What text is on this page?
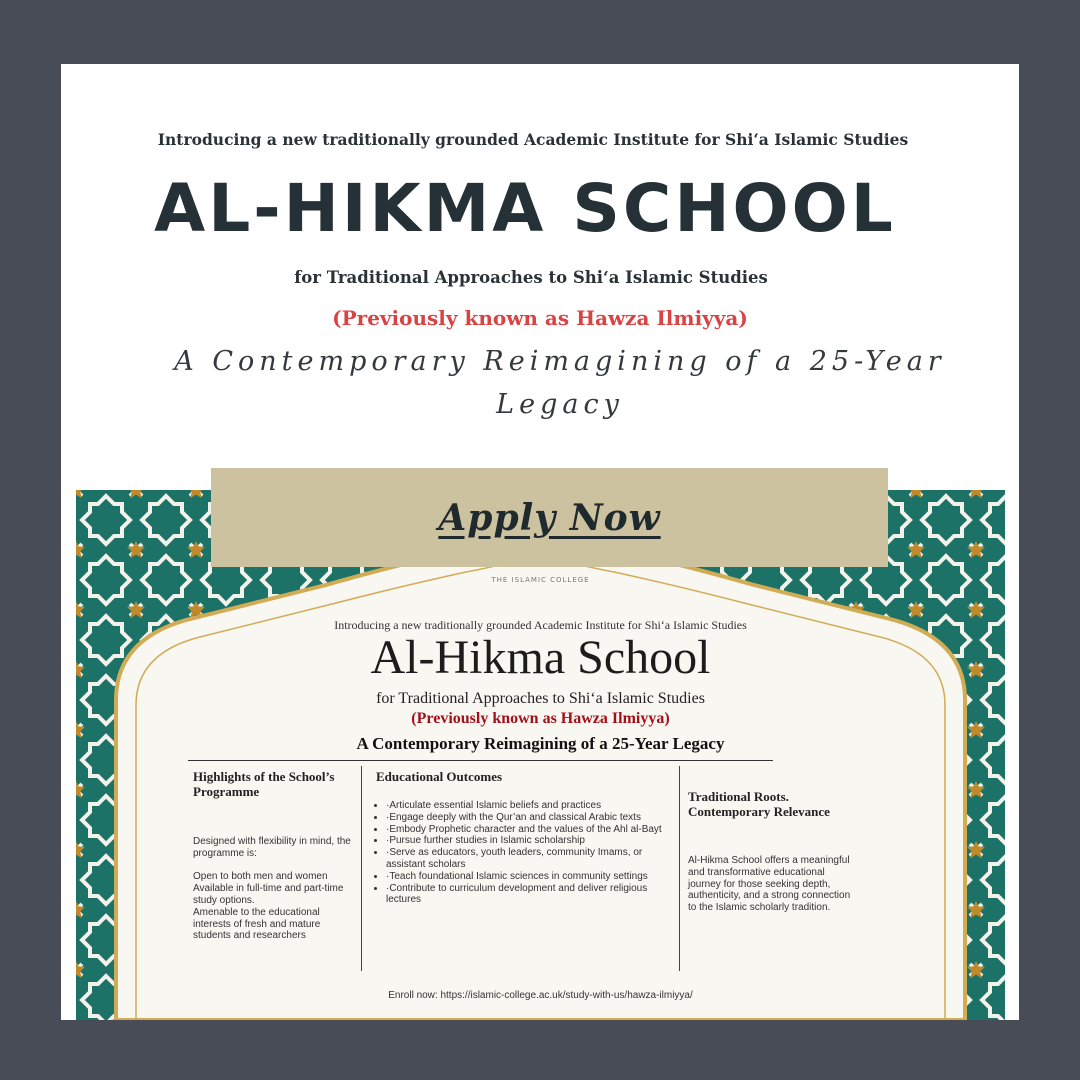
Introducing a new traditionally grounded Academic Institute for Shi‘a Islamic Studies

AL-HIKMA SCHOOL

for Traditional Approaches to Shi‘a Islamic Studies

(Previously known as Hawza Ilmiyya)

A Contemporary Reimagining of a 25-Year Legacy

THE ISLAMIC COLLEGE
Introducing a new traditionally grounded Academic Institute for Shi‘a Islamic Studies
Al-Hikma School
for Traditional Approaches to Shi‘a Islamic Studies
(Previously known as Hawza Ilmiyya)
A Contemporary Reimagining of a 25-Year Legacy
Highlights of the School’s Programme
Designed with flexibility in mind, the programme is:

Open to both men and women
Available in full-time and part-time study options.
Amenable to the educational interests of fresh and mature students and researchers
Educational Outcomes
• ·Articulate essential Islamic beliefs and practices
• ·Engage deeply with the Qur’an and classical Arabic texts
• ·Embody Prophetic character and the values of the Ahl al-Bayt
• ·Pursue further studies in Islamic scholarship
• ·Serve as educators, youth leaders, community Imams, or assistant scholars
• ·Teach foundational Islamic sciences in community settings
• ·Contribute to curriculum development and deliver religious lectures
Traditional Roots. Contemporary Relevance
Al-Hikma School offers a meaningful and transformative educational journey for those seeking depth, authenticity, and a strong connection to the Islamic scholarly tradition.
Enroll now: https://islamic-college.ac.uk/study-with-us/hawza-ilmiyya/
Apply Now
